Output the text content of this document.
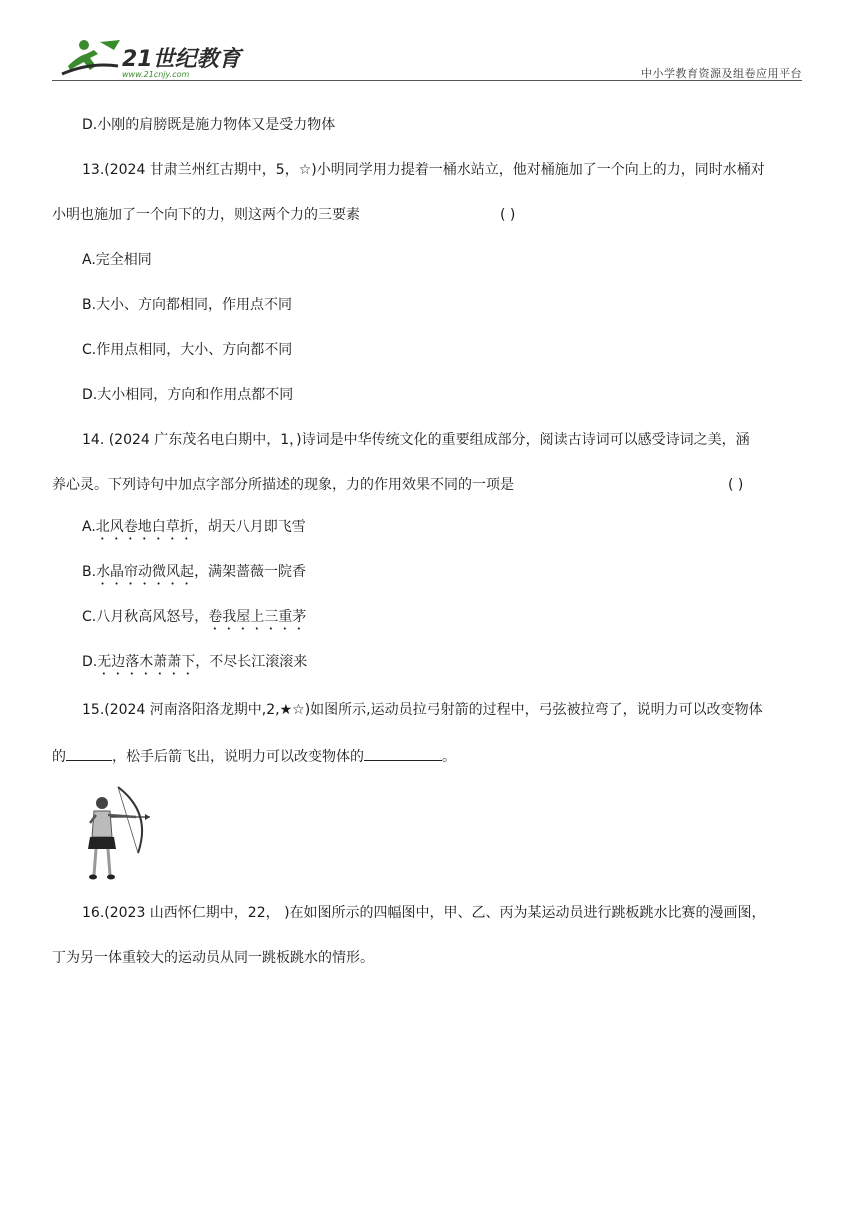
21世纪教育
www.21cnjy.com	中小学教育资源及组卷应用平台
D.小刚的肩膀既是施力物体又是受力物体
13.(2024 甘肃兰州红古期中，5，☆)小明同学用力提着一桶水站立，他对桶施加了一个向上的力，同时水桶对
小明也施加了一个向下的力，则这两个力的三要素	( )
A.完全相同
B.大小、方向都相同，作用点不同
C.作用点相同，大小、方向都不同
D.大小相同，方向和作用点都不同
14. (2024 广东茂名电白期中，1，)诗词是中华传统文化的重要组成部分，阅读古诗词可以感受诗词之美，涵
养心灵。下列诗句中加点字部分所描述的现象，力的作用效果不同的一项是	( )
A.北风卷地白草折，胡天八月即飞雪
B.水晶帘动微风起，满架蔷薇一院香
C.八月秋高风怒号，卷我屋上三重茅
D.无边落木萧萧下，不尽长江滚滚来
15.(2024 河南洛阳洛龙期中,2,★☆)如图所示,运动员拉弓射箭的过程中，弓弦被拉弯了，说明力可以改变物体
的	，松手后箭飞出，说明力可以改变物体的	。
16.(2023 山西怀仁期中，22， )在如图所示的四幅图中，甲、乙、丙为某运动员进行跳板跳水比赛的漫画图，
丁为另一体重较大的运动员从同一跳板跳水的情形。
